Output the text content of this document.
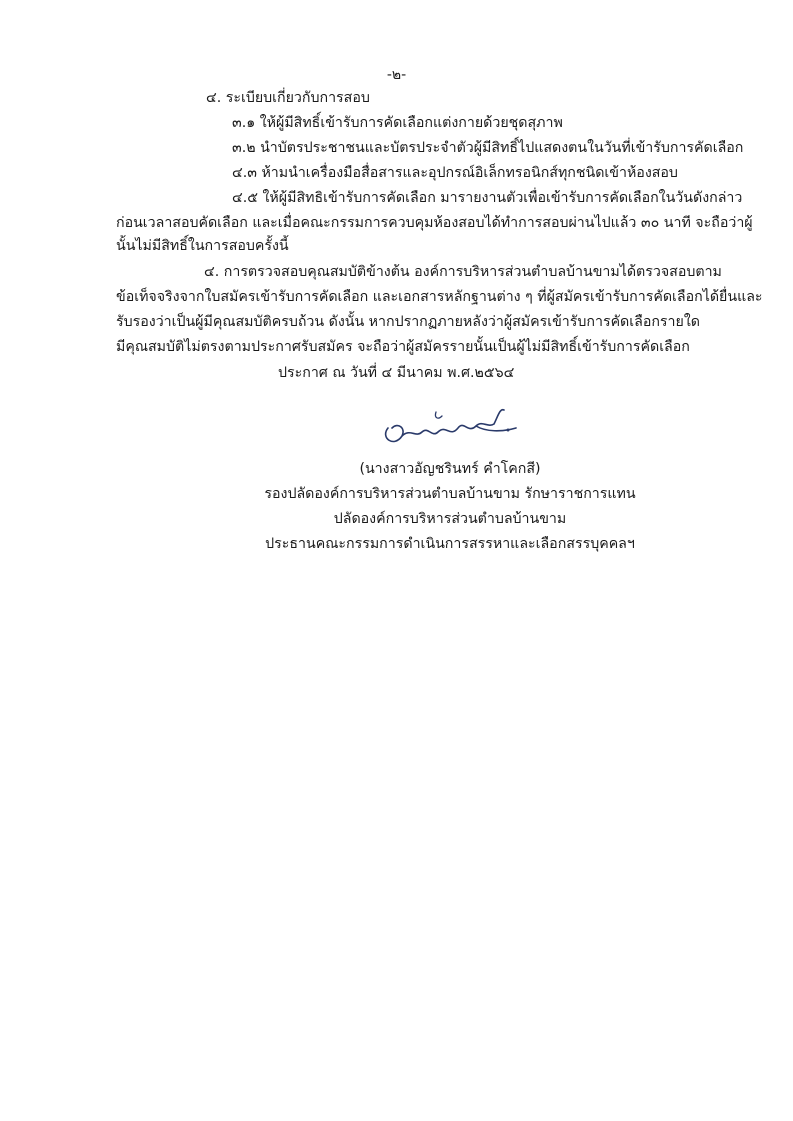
-๒-
๔. ระเบียบเกี่ยวกับการสอบ
๓.๑ ให้ผู้มีสิทธิ์เข้ารับการคัดเลือกแต่งกายด้วยชุดสุภาพ
๓.๒ นำบัตรประชาชนและบัตรประจำตัวผู้มีสิทธิ์ไปแสดงตนในวันที่เข้ารับการคัดเลือก
๔.๓ ห้ามนำเครื่องมือสื่อสารและอุปกรณ์อิเล็กทรอนิกส์ทุกชนิดเข้าห้องสอบ
๔.๕ ให้ผู้มีสิทธิเข้ารับการคัดเลือก มารายงานตัวเพื่อเข้ารับการคัดเลือกในวันดังกล่าว
ก่อนเวลาสอบคัดเลือก และเมื่อคณะกรรมการควบคุมห้องสอบได้ทำการสอบผ่านไปแล้ว ๓๐ นาที จะถือว่าผู้
นั้นไม่มีสิทธิ์ในการสอบครั้งนี้
๔. การตรวจสอบคุณสมบัติข้างต้น องค์การบริหารส่วนตำบลบ้านขามได้ตรวจสอบตาม
ข้อเท็จจริงจากใบสมัครเข้ารับการคัดเลือก และเอกสารหลักฐานต่าง ๆ ที่ผู้สมัครเข้ารับการคัดเลือกได้ยื่นและ
รับรองว่าเป็นผู้มีคุณสมบัติครบถ้วน ดังนั้น หากปรากฏภายหลังว่าผู้สมัครเข้ารับการคัดเลือกรายใด
มีคุณสมบัติไม่ตรงตามประกาศรับสมัคร จะถือว่าผู้สมัครรายนั้นเป็นผู้ไม่มีสิทธิ์เข้ารับการคัดเลือก
ประกาศ ณ วันที่ ๔ มีนาคม พ.ศ.๒๕๖๔
(นางสาวอัญชรินทร์ คำโคกสี)
รองปลัดองค์การบริหารส่วนตำบลบ้านขาม รักษาราชการแทน
ปลัดองค์การบริหารส่วนตำบลบ้านขาม
ประธานคณะกรรมการดำเนินการสรรหาและเลือกสรรบุคคลฯ
